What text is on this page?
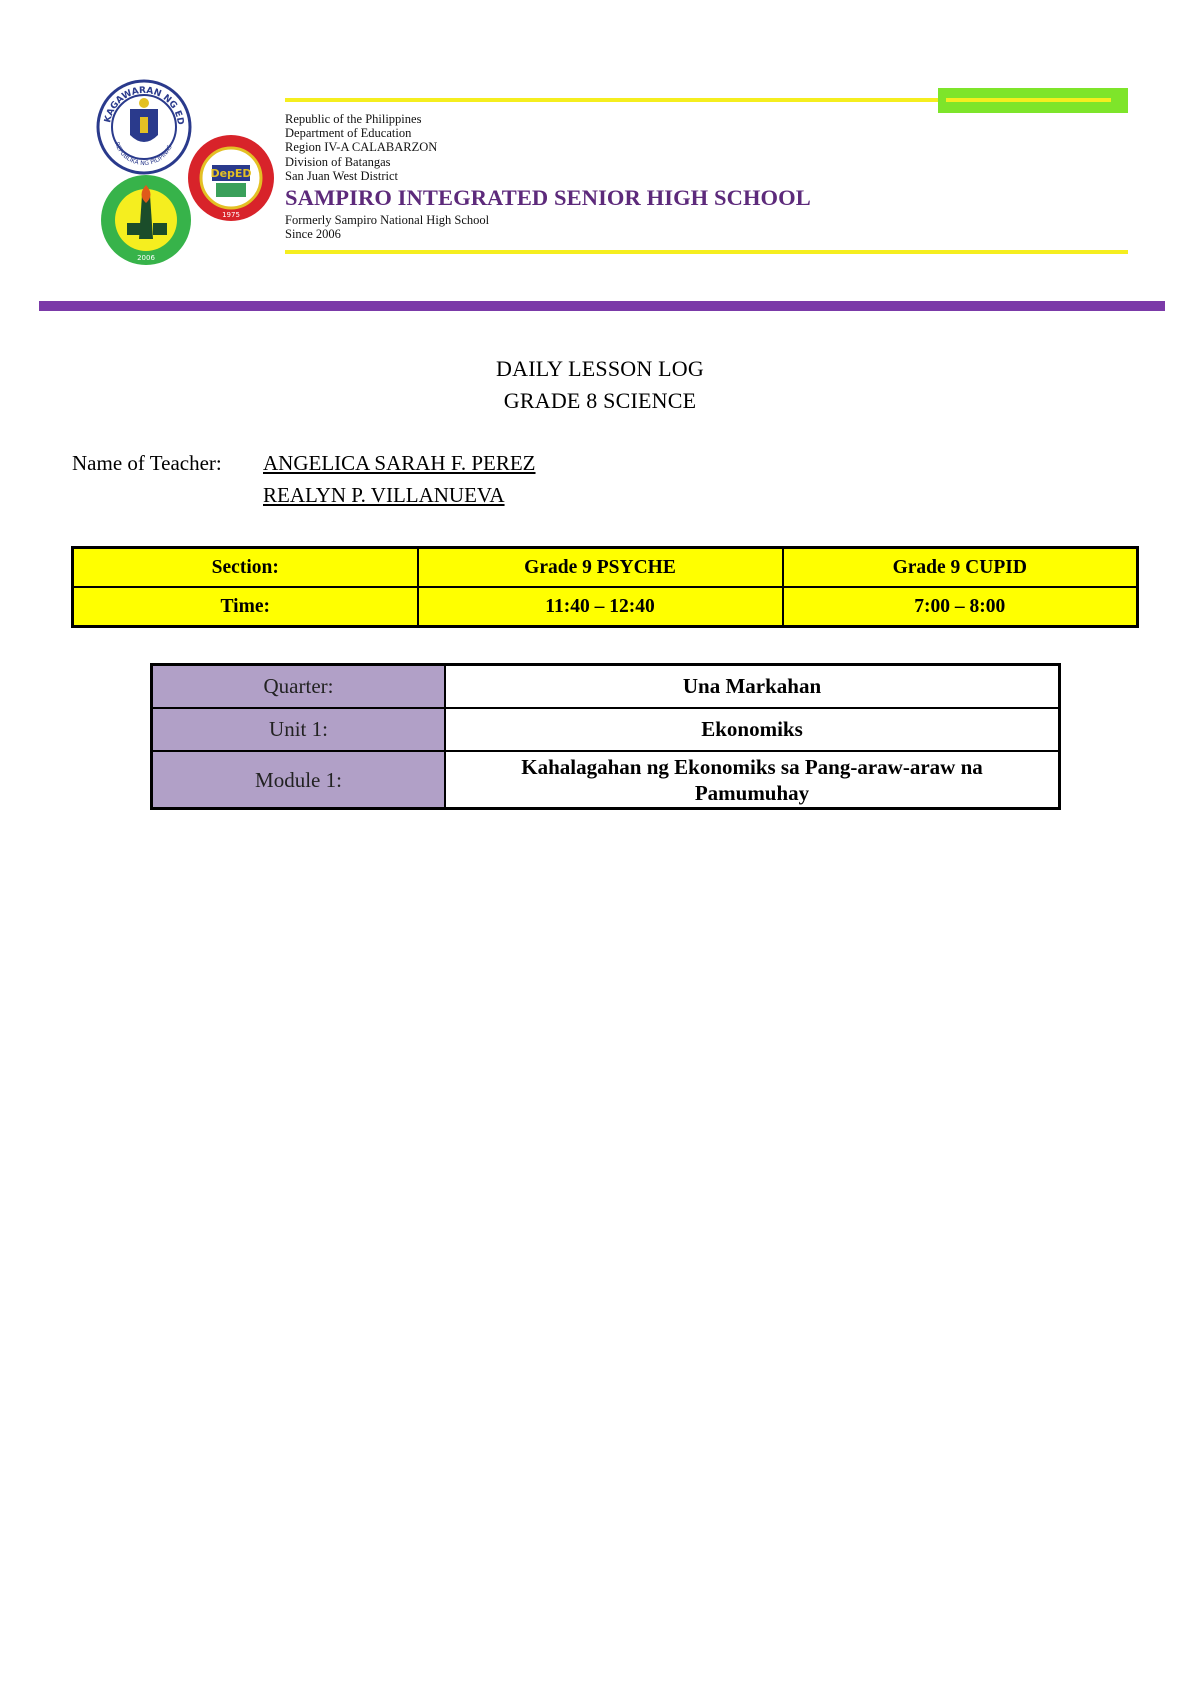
KAGAWARAN NG ED
REPUBLIKA NG PILIPINAS
DepED
1975
2006
Republic of the Philippines
Department of Education
Region IV-A CALABARZON
Division of Batangas
San Juan West District
SAMPIRO INTEGRATED SENIOR HIGH SCHOOL
Formerly Sampiro National High School
Since 2006
DAILY LESSON LOG
GRADE 8 SCIENCE
Name of Teacher: ANGELICA SARAH F. PEREZ
REALYN P. VILLANUEVA
Section:	Grade 9 PSYCHE	Grade 9 CUPID
Time:	11:40 – 12:40	7:00 – 8:00
Quarter:	Una Markahan
Unit 1:	Ekonomiks
Module 1:	Kahalagahan ng Ekonomiks sa Pang-araw-araw na Pamumuhay
